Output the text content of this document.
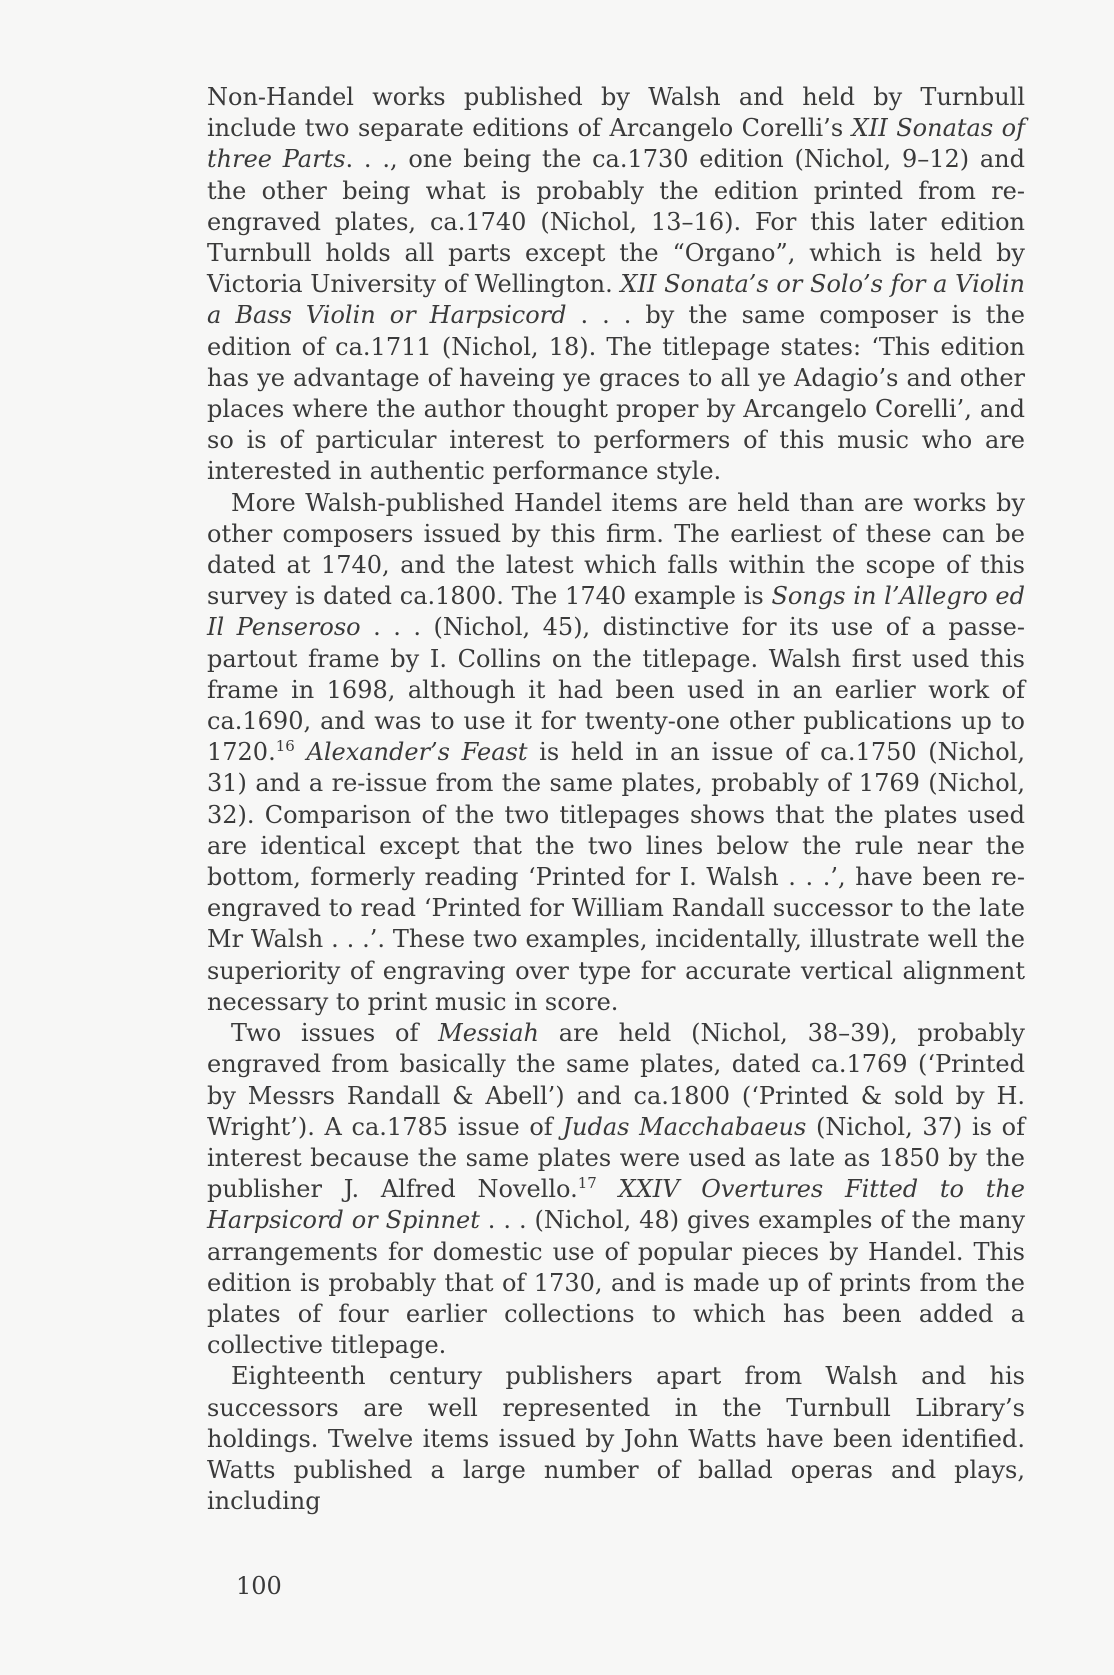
Non-Handel works published by Walsh and held by Turnbull include two separate editions of Arcangelo Corelli’s XII Sonatas of three Parts. . ., one being the ca.1730 edition (Nichol, 9–12) and the other being what is probably the edition printed from re-engraved plates, ca.1740 (Nichol, 13–16). For this later edition Turnbull holds all parts except the “Organo”, which is held by Victoria University of Wellington. XII Sonata’s or Solo’s for a Violin a Bass Violin or Harpsicord . . . by the same composer is the edition of ca.1711 (Nichol, 18). The titlepage states: ‘This edition has ye advantage of haveing ye graces to all ye Adagio’s and other places where the author thought proper by Arcangelo Corelli’, and so is of particular interest to performers of this music who are interested in authentic performance style.

More Walsh-published Handel items are held than are works by other composers issued by this firm. The earliest of these can be dated at 1740, and the latest which falls within the scope of this survey is dated ca.1800. The 1740 example is Songs in l’Allegro ed Il Penseroso . . . (Nichol, 45), distinctive for its use of a passe-partout frame by I. Collins on the titlepage. Walsh first used this frame in 1698, although it had been used in an earlier work of ca.1690, and was to use it for twenty-one other publications up to 1720.16 Alexander’s Feast is held in an issue of ca.1750 (Nichol, 31) and a re-issue from the same plates, probably of 1769 (Nichol, 32). Comparison of the two titlepages shows that the plates used are identical except that the two lines below the rule near the bottom, formerly reading ‘Printed for I. Walsh . . .’, have been re-engraved to read ‘Printed for William Randall successor to the late Mr Walsh . . .’. These two examples, incidentally, illustrate well the superiority of engraving over type for accurate vertical alignment necessary to print music in score.

Two issues of Messiah are held (Nichol, 38–39), probably engraved from basically the same plates, dated ca.1769 (‘Printed by Messrs Randall & Abell’) and ca.1800 (‘Printed & sold by H. Wright’). A ca.1785 issue of Judas Macchabaeus (Nichol, 37) is of interest because the same plates were used as late as 1850 by the publisher J. Alfred Novello.$^{17}$ XXIV Overtures Fitted to the Harpsicord or Spinnet . . . (Nichol, 48) gives examples of the many arrangements for domestic use of popular pieces by Handel. This edition is probably that of 1730, and is made up of prints from the plates of four earlier collections to which has been added a collective titlepage.

Eighteenth century publishers apart from Walsh and his successors are well represented in the Turnbull Library’s holdings. Twelve items issued by John Watts have been identified. Watts published a large number of ballad operas and plays, including

100
